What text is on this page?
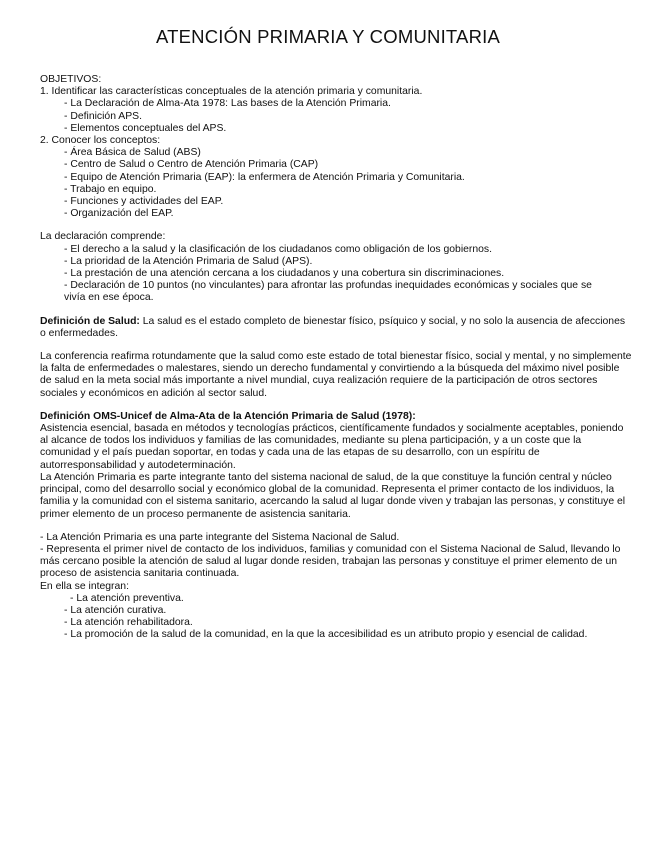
ATENCIÓN PRIMARIA Y COMUNITARIA
OBJETIVOS:
1. Identificar las características conceptuales de la atención primaria y comunitaria.
- La Declaración de Alma-Ata 1978: Las bases de la Atención Primaria.
- Definición APS.
- Elementos conceptuales del APS.
2. Conocer los conceptos:
- Área Básica de Salud (ABS)
- Centro de Salud o Centro de Atención Primaria (CAP)
- Equipo de Atención Primaria (EAP): la enfermera de Atención Primaria y Comunitaria.
- Trabajo en equipo.
- Funciones y actividades del EAP.
- Organización del EAP.
La declaración comprende:
- El derecho a la salud y la clasificación de los ciudadanos como obligación de los gobiernos.
- La prioridad de la Atención Primaria de Salud (APS).
- La prestación de una atención cercana a los ciudadanos y una cobertura sin discriminaciones.
- Declaración de 10 puntos (no vinculantes) para afrontar las profundas inequidades económicas y sociales que se vivía en ese época.
Definición de Salud: La salud es el estado completo de bienestar físico, psíquico y social, y no solo la ausencia de afecciones o enfermedades.
La conferencia reafirma rotundamente que la salud como este estado de total bienestar físico, social y mental, y no simplemente la falta de enfermedades o malestares, siendo un derecho fundamental y convirtiendo a la búsqueda del máximo nivel posible de salud en la meta social más importante a nivel mundial, cuya realización requiere de la participación de otros sectores sociales y económicos en adición al sector salud.
Definición OMS-Unicef de Alma-Ata de la Atención Primaria de Salud (1978):
Asistencia esencial, basada en métodos y tecnologías prácticos, científicamente fundados y socialmente aceptables, poniendo al alcance de todos los individuos y familias de las comunidades, mediante su plena participación, y a un coste que la comunidad y el país puedan soportar, en todas y cada una de las etapas de su desarrollo, con un espíritu de autorresponsabilidad y autodeterminación.
La Atención Primaria es parte integrante tanto del sistema nacional de salud, de la que constituye la función central y núcleo principal, como del desarrollo social y económico global de la comunidad. Representa el primer contacto de los individuos, la familia y la comunidad con el sistema sanitario, acercando la salud al lugar donde viven y trabajan las personas, y constituye el primer elemento de un proceso permanente de asistencia sanitaria.
- La Atención Primaria es una parte integrante del Sistema Nacional de Salud.
- Representa el primer nivel de contacto de los individuos, familias y comunidad con el Sistema Nacional de Salud, llevando lo más cercano posible la atención de salud al lugar donde residen, trabajan las personas y constituye el primer elemento de un proceso de asistencia sanitaria continuada.
En ella se integran:
- La atención preventiva.
- La atención curativa.
- La atención rehabilitadora.
- La promoción de la salud de la comunidad, en la que la accesibilidad es un atributo propio y esencial de calidad.
